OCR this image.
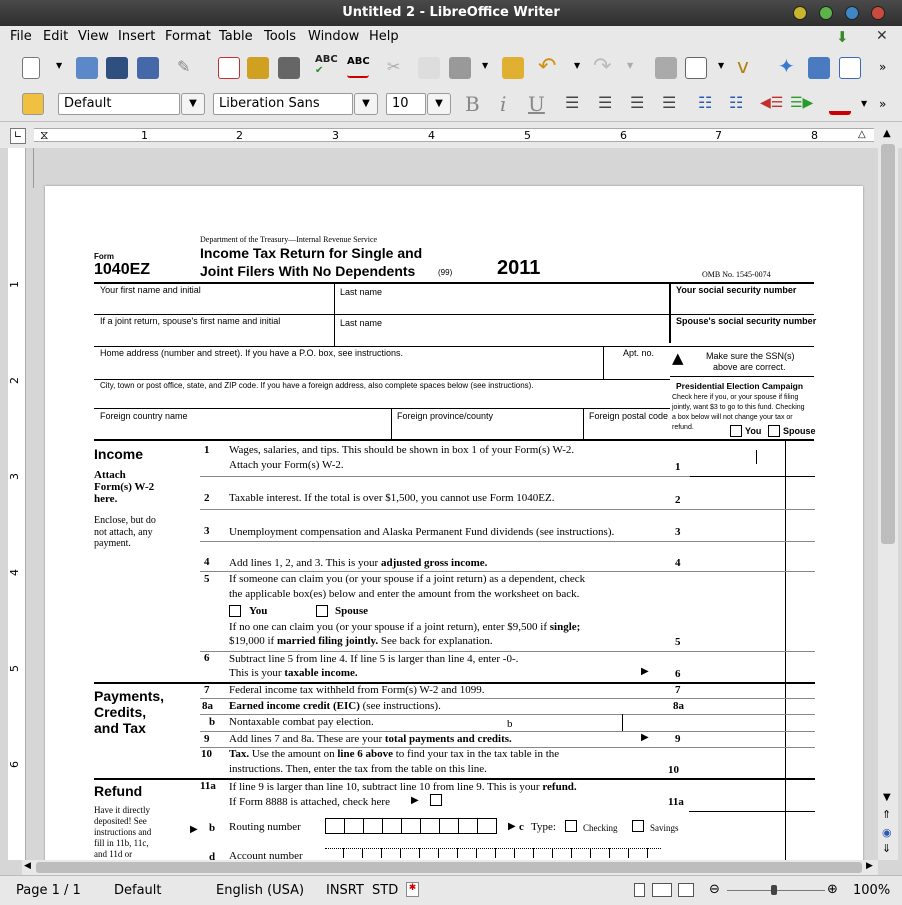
Untitled 2 - LibreOffice Writer
File Edit View Insert Format Table Tools Window Help	⬇ ✕
▼	✎	ABC
✔
ABC ✂	▼ ↶	▼ ↷	▼	▼ ⅴ	✦	»
Default	▼	Liberation Sans	▼	10	▼	B i U ☰ ☰ ☰ ☰ ☷ ☷ ◀☰ ☰▶	▼ »
∟	⧖	1	2	3	4	5	6	7	8	△
1
2
3
4
5
6
Department of the Treasury—Internal Revenue Service
Form
1040EZ
Income Tax Return for Single and
Joint Filers With No Dependents	(99) 2011	OMB No. 1545-0074
Your first name and initial	Last name	Your social security number
If a joint return, spouse's first name and initial	Last name	Spouse's social security number
Home address (number and street). If you have a P.O. box, see instructions.	Apt. no. ▲ Make sure the SSN(s)
above are correct.
City, town or post office, state, and ZIP code. If you have a foreign address, also complete spaces below (see instructions).	Presidential Election Campaign
Check here if you, or your spouse if filing
jointly, want $3 to go to this fund. Checking
a box below will not change your tax or
refund.	You Spouse
Foreign country name	Foreign province/county	Foreign postal code
Income
Attach
Form(s) W-2
here.
Enclose, but do
not attach, any
payment.
1 Wages, salaries, and tips. This should be shown in box 1 of your Form(s) W-2.
Attach your Form(s) W-2.	1
2 Taxable interest. If the total is over $1,500, you cannot use Form 1040EZ.	2
3 Unemployment compensation and Alaska Permanent Fund dividends (see instructions).	3
4 Add lines 1, 2, and 3. This is your adjusted gross income.	4
5 If someone can claim you (or your spouse if a joint return) as a dependent, check
the applicable box(es) below and enter the amount from the worksheet on back.
You	Spouse
If no one can claim you (or your spouse if a joint return), enter $9,500 if single;
$19,000 if married filing jointly. See back for explanation.	5
6 Subtract line 5 from line 4. If line 5 is larger than line 4, enter -0-.
This is your taxable income.	▶ 6
Payments,
Credits,
and Tax
7 Federal income tax withheld from Form(s) W-2 and 1099.	7
8a Earned income credit (EIC) (see instructions).	8a
b Nontaxable combat pay election.	b
9 Add lines 7 and 8a. These are your total payments and credits.	▶ 9
10 Tax. Use the amount on line 6 above to find your tax in the tax table in the
instructions. Then, enter the tax from the table on this line.	10
Refund
Have it directly
deposited! See
instructions and
fill in 11b, 11c,
and 11d or
11a If line 9 is larger than line 10, subtract line 10 from line 9. This is your refund.
If Form 8888 is attached, check here ▶	11a
▶ b Routing number	▶ c Type:	Checking	Savings
d Account number
▲
▼
⇑
◉
⇓
◀	▶
Page 1 / 1	Default	English (USA) INSRT STD	✱	⊖	⊕ 100%
